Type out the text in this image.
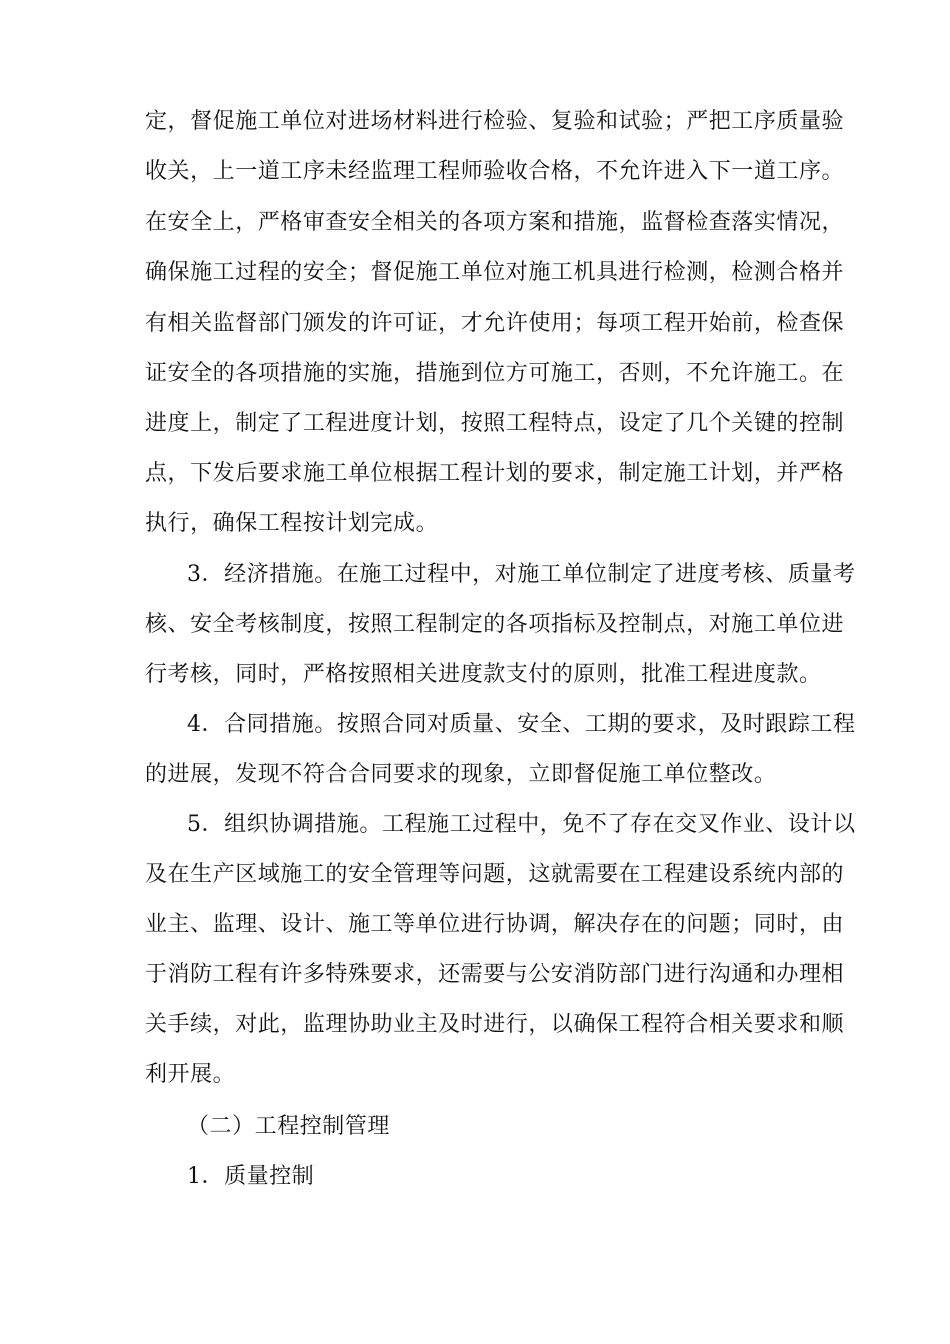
定，督促施工单位对进场材料进行检验、复验和试验；严把工序质量验
收关，上一道工序未经监理工程师验收合格，不允许进入下一道工序。
在安全上，严格审查安全相关的各项方案和措施，监督检查落实情况，
确保施工过程的安全；督促施工单位对施工机具进行检测，检测合格并
有相关监督部门颁发的许可证，才允许使用；每项工程开始前，检查保
证安全的各项措施的实施，措施到位方可施工，否则，不允许施工。在
进度上，制定了工程进度计划，按照工程特点，设定了几个关键的控制
点，下发后要求施工单位根据工程计划的要求，制定施工计划，并严格
执行，确保工程按计划完成。
3．经济措施。在施工过程中，对施工单位制定了进度考核、质量考
核、安全考核制度，按照工程制定的各项指标及控制点，对施工单位进
行考核，同时，严格按照相关进度款支付的原则，批准工程进度款。
4．合同措施。按照合同对质量、安全、工期的要求，及时跟踪工程
的进展，发现不符合合同要求的现象，立即督促施工单位整改。
5．组织协调措施。工程施工过程中，免不了存在交叉作业、设计以
及在生产区域施工的安全管理等问题，这就需要在工程建设系统内部的
业主、监理、设计、施工等单位进行协调，解决存在的问题；同时，由
于消防工程有许多特殊要求，还需要与公安消防部门进行沟通和办理相
关手续，对此，监理协助业主及时进行，以确保工程符合相关要求和顺
利开展。
（二）工程控制管理
1．质量控制
